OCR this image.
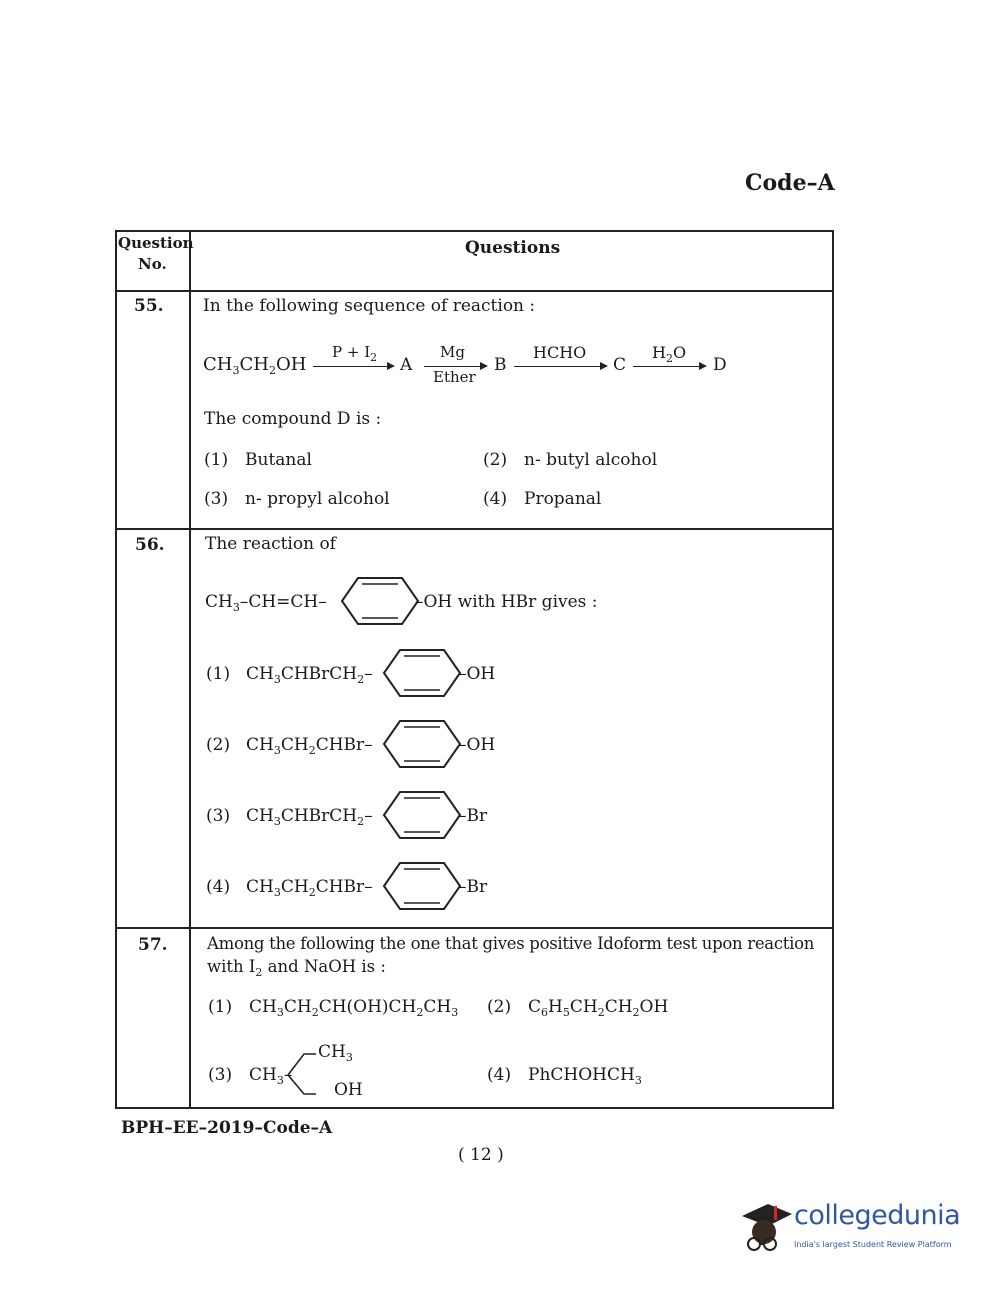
Code–A
Question
No.
Questions
55. In the following sequence of reaction :
$CH_3CH_2OH$
$P + I_2$ A
Mg
Ether
B
HCHO
C
$H_2O$
D
The compound D is :
(1) Butanal	(2) n- butyl alcohol
(3) n- propyl alcohol	(4) Propanal
56. The reaction of
$CH_3-CH=CH-$	–OH with HBr gives :
(1) $CH_3CHBrCH_2-$	–OH
(2) $CH_3CH_2CHBr-$	–OH
(3) $CH_3CHBrCH_2-$	–Br
(4) $CH_3CH_2CHBr-$	–Br
57. Among the following the one that gives positive Idoform test upon reaction
with $I_2$ and NaOH is :
(1) $CH_3CH_2CH(OH)CH_2CH_3$ (2) $C_6H_5CH_2CH_2OH$
(3) $CH_3-$
$CH_3$
OH
(4) PhCHOHCH$_3$
BPH–EE–2019–Code–A
( 12 )
collegedunia
India's largest Student Review Platform
